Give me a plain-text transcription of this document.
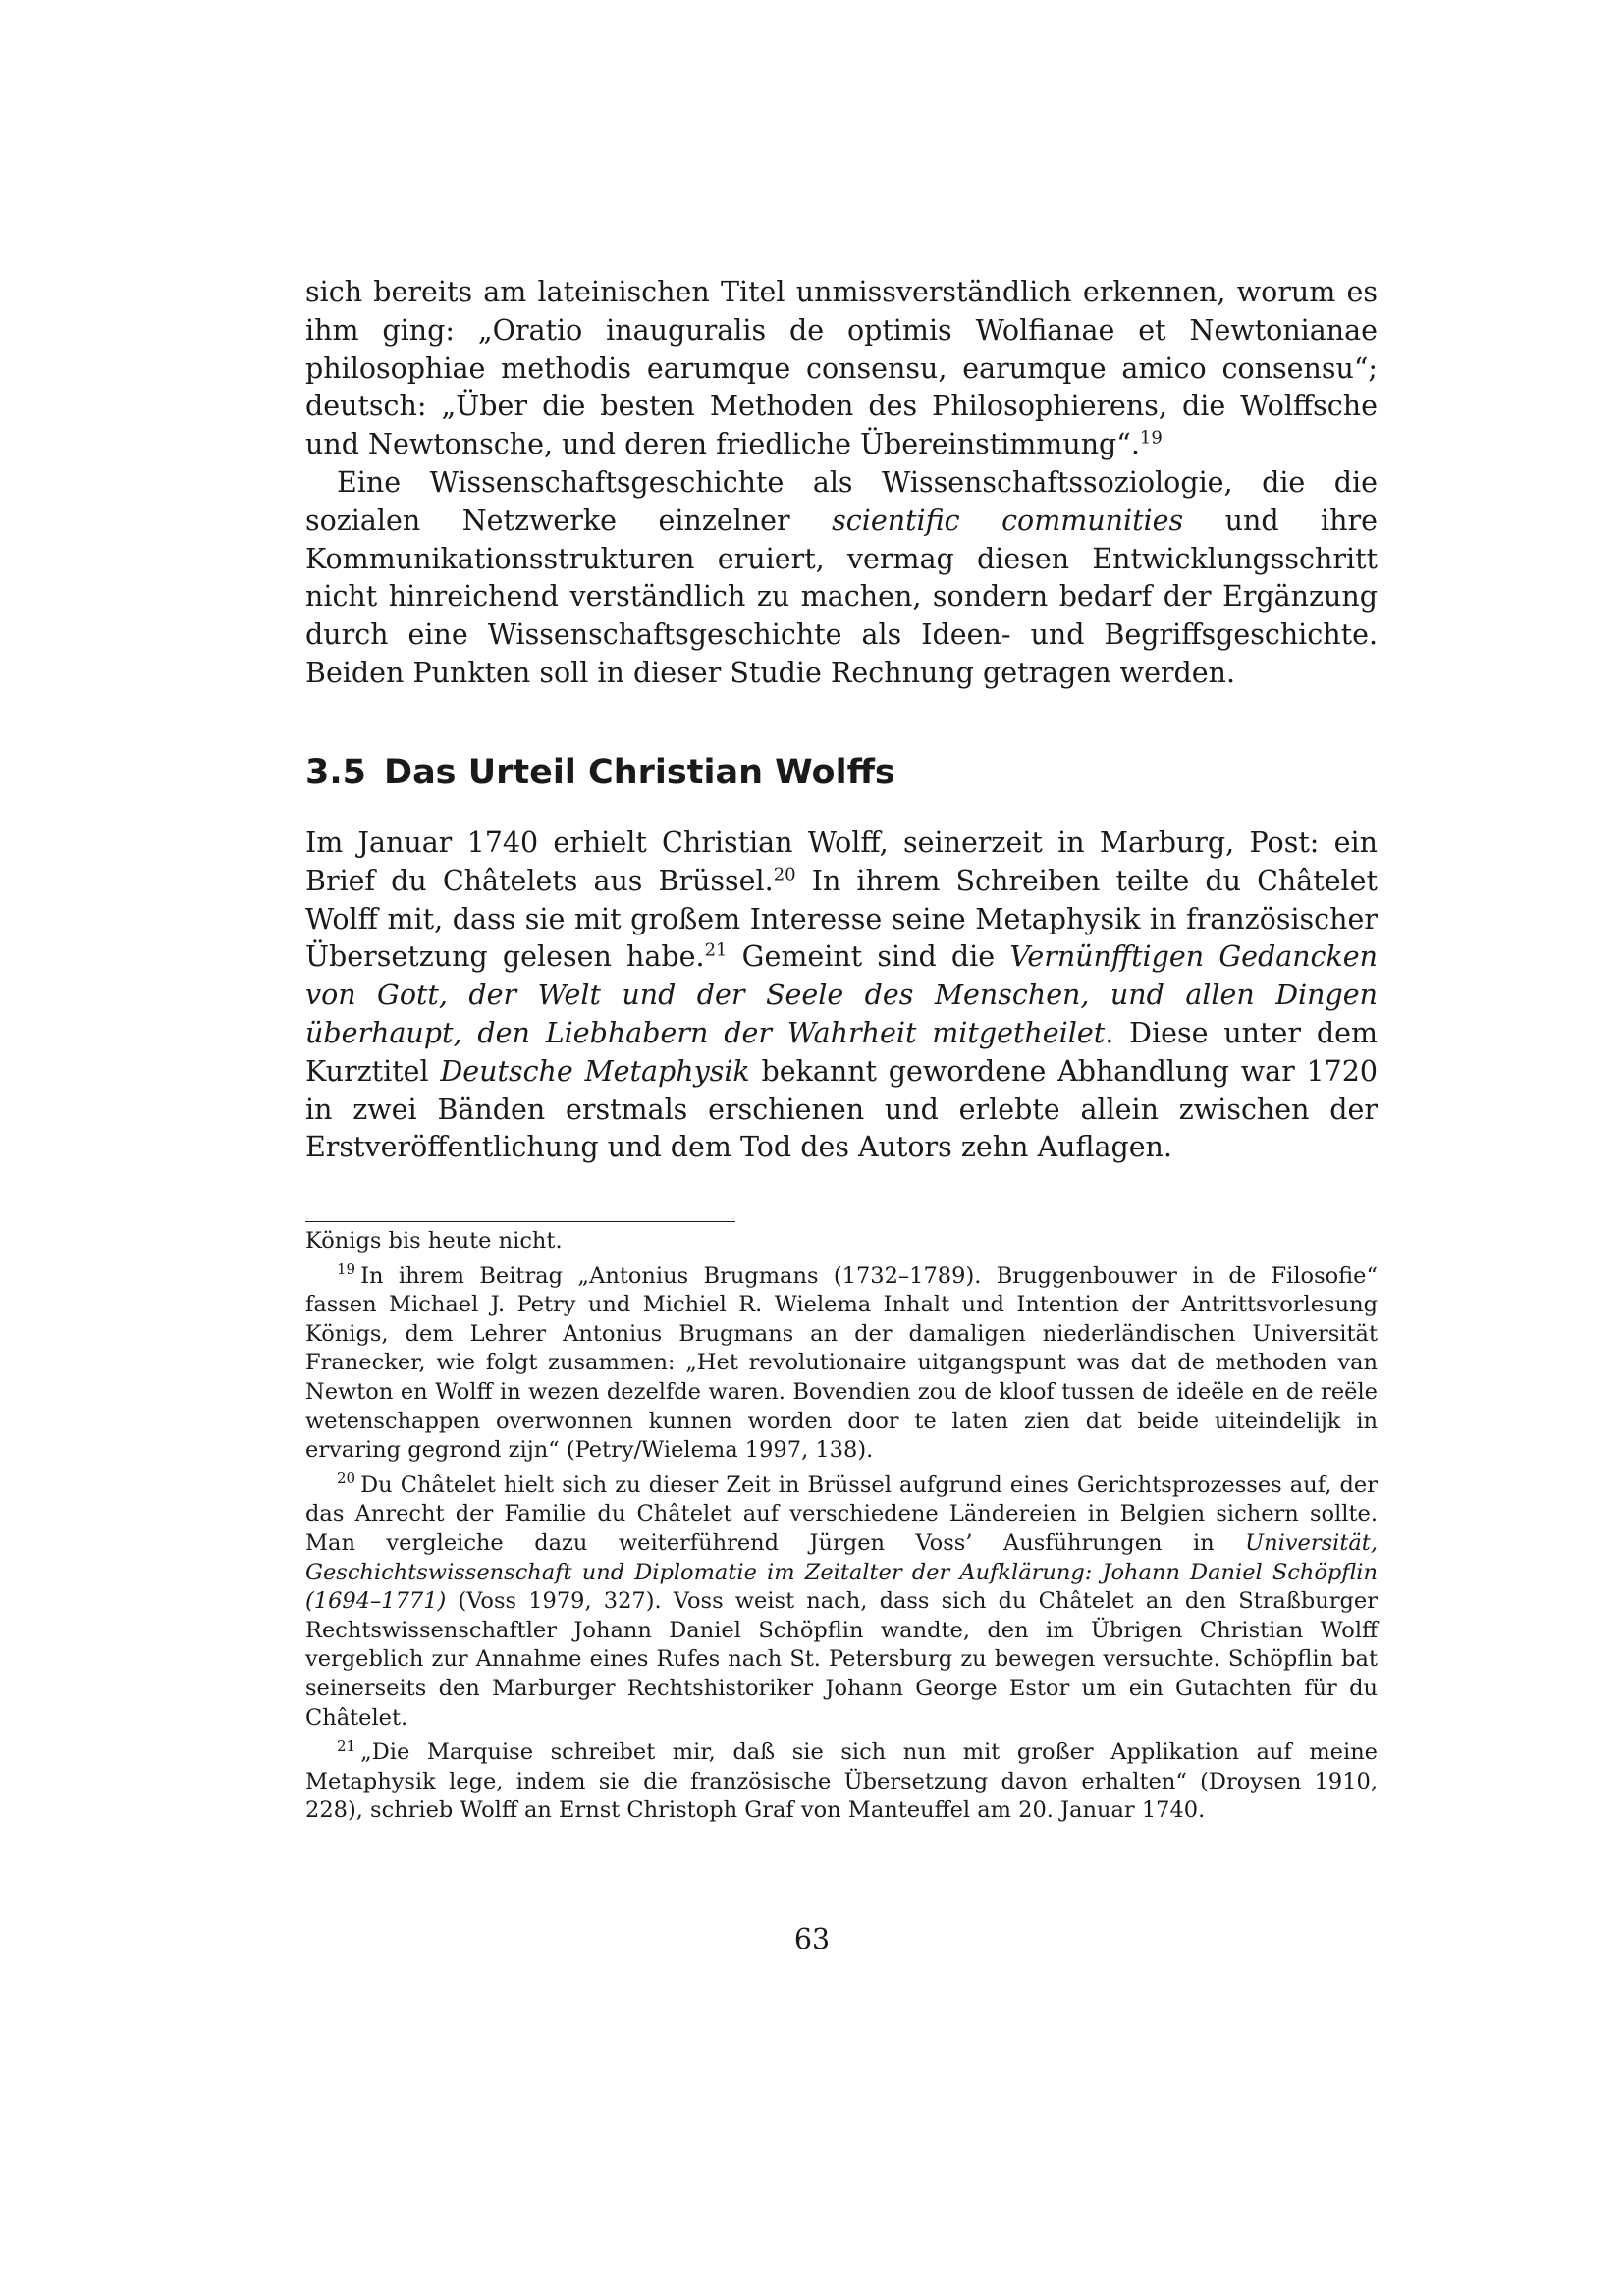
sich bereits am lateinischen Titel unmissverständlich erkennen, worum es ihm ging: „Oratio inauguralis de optimis Wolfianae et Newtonianae philosophiae methodis earumque consensu, earumque amico consensu“; deutsch: „Über die besten Methoden des Philosophierens, die Wolffsche und Newtonsche, und deren friedliche Übereinstimmung“.$^{19}$

Eine Wissenschaftsgeschichte als Wissenschaftssoziologie, die die sozialen Netzwerke einzelner scientific communities und ihre Kommunikationsstrukturen eruiert, vermag diesen Entwicklungsschritt nicht hinreichend verständlich zu machen, sondern bedarf der Ergänzung durch eine Wissenschaftsgeschichte als Ideen- und Begriffsgeschichte. Beiden Punkten soll in dieser Studie Rechnung getragen werden.

3.5 Das Urteil Christian Wolffs

Im Januar 1740 erhielt Christian Wolff, seinerzeit in Marburg, Post: ein Brief du Châtelets aus Brüssel.$^{20}$ In ihrem Schreiben teilte du Châtelet Wolff mit, dass sie mit großem Interesse seine Metaphysik in französischer Übersetzung gelesen habe.$^{21}$ Gemeint sind die Vernünfftigen Gedancken von Gott, der Welt und der Seele des Menschen, und allen Dingen überhaupt, den Liebhabern der Wahrheit mitgetheilet. Diese unter dem Kurztitel Deutsche Metaphysik bekannt gewordene Abhandlung war 1720 in zwei Bänden erstmals erschienen und erlebte allein zwischen der Erstveröffentlichung und dem Tod des Autors zehn Auflagen.

Königs bis heute nicht.

$^{19}$ In ihrem Beitrag „Antonius Brugmans (1732–1789). Bruggenbouwer in de Filosofie“ fassen Michael J. Petry und Michiel R. Wielema Inhalt und Intention der Antrittsvorlesung Königs, dem Lehrer Antonius Brugmans an der damaligen niederländischen Universität Franecker, wie folgt zusammen: „Het revolutionaire uitgangspunt was dat de methoden van Newton en Wolff in wezen dezelfde waren. Bovendien zou de kloof tussen de ideële en de reële wetenschappen overwonnen kunnen worden door te laten zien dat beide uiteindelijk in ervaring gegrond zijn“ (Petry/Wielema 1997, 138).

$^{20}$ Du Châtelet hielt sich zu dieser Zeit in Brüssel aufgrund eines Gerichtsprozesses auf, der das Anrecht der Familie du Châtelet auf verschiedene Ländereien in Belgien sichern sollte. Man vergleiche dazu weiterführend Jürgen Voss’ Ausführungen in Universität, Geschichtswissenschaft und Diplomatie im Zeitalter der Aufklärung: Johann Daniel Schöpflin (1694–1771) (Voss 1979, 327). Voss weist nach, dass sich du Châtelet an den Straßburger Rechtswissenschaftler Johann Daniel Schöpflin wandte, den im Übrigen Christian Wolff vergeblich zur Annahme eines Rufes nach St. Petersburg zu bewegen versuchte. Schöpflin bat seinerseits den Marburger Rechtshistoriker Johann George Estor um ein Gutachten für du Châtelet.

$^{21}$ „Die Marquise schreibet mir, daß sie sich nun mit großer Applikation auf meine Metaphysik lege, indem sie die französische Übersetzung davon erhalten“ (Droysen 1910, 228), schrieb Wolff an Ernst Christoph Graf von Manteuffel am 20. Januar 1740.

63
